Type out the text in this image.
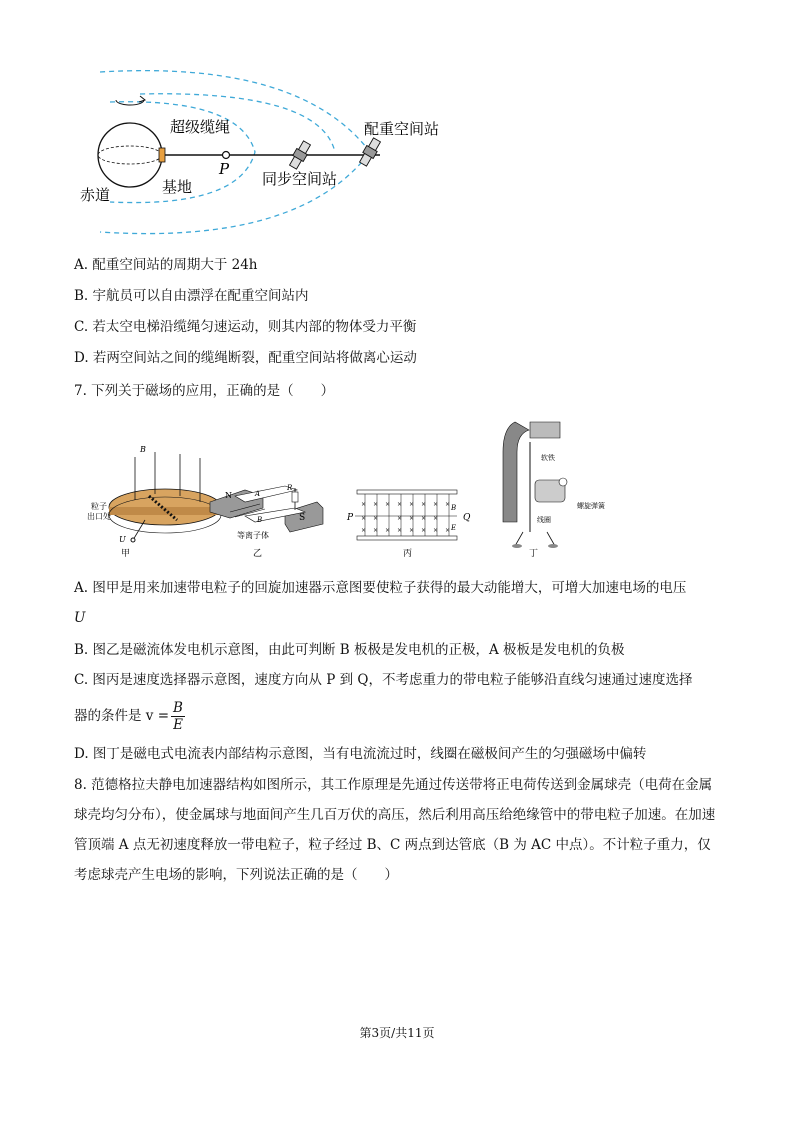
超级缆绳	配重空间站
P
赤道	基地	同步空间站
A. 配重空间站的周期大于 24h
B. 宇航员可以自由漂浮在配重空间站内
C. 若太空电梯沿缆绳匀速运动，则其内部的物体受力平衡
D. 若两空间站之间的缆绳断裂，配重空间站将做离心运动
7. 下列关于磁场的应用，正确的是（　　）
B
粒子
出口处
U
甲
N
S
A
B
R
等离子体
乙
× × × × × × × ×
× ×	× × × ×
× × × × × × × ×
P	Q
B
E
丙
软铁
螺旋弹簧
线圈
丁
A. 图甲是用来加速带电粒子的回旋加速器示意图要使粒子获得的最大动能增大，可增大加速电场的电压
U
B. 图乙是磁流体发电机示意图，由此可判断 B 板极是发电机的正极，A 极板是发电机的负极
C. 图丙是速度选择器示意图，速度方向从 P 到 Q，不考虑重力的带电粒子能够沿直线匀速通过速度选择
器的条件是 $v = \frac{B}{E}$
D. 图丁是磁电式电流表内部结构示意图，当有电流流过时，线圈在磁极间产生的匀强磁场中偏转
8. 范德格拉夫静电加速器结构如图所示，其工作原理是先通过传送带将正电荷传送到金属球壳（电荷在金属球壳均匀分布），使金属球与地面间产生几百万伏的高压，然后利用高压给绝缘管中的带电粒子加速。在加速管顶端 A 点无初速度释放一带电粒子，粒子经过 B、C 两点到达管底（B 为 AC 中点）。不计粒子重力，仅考虑球壳产生电场的影响，下列说法正确的是（　　）
第3页/共11页
